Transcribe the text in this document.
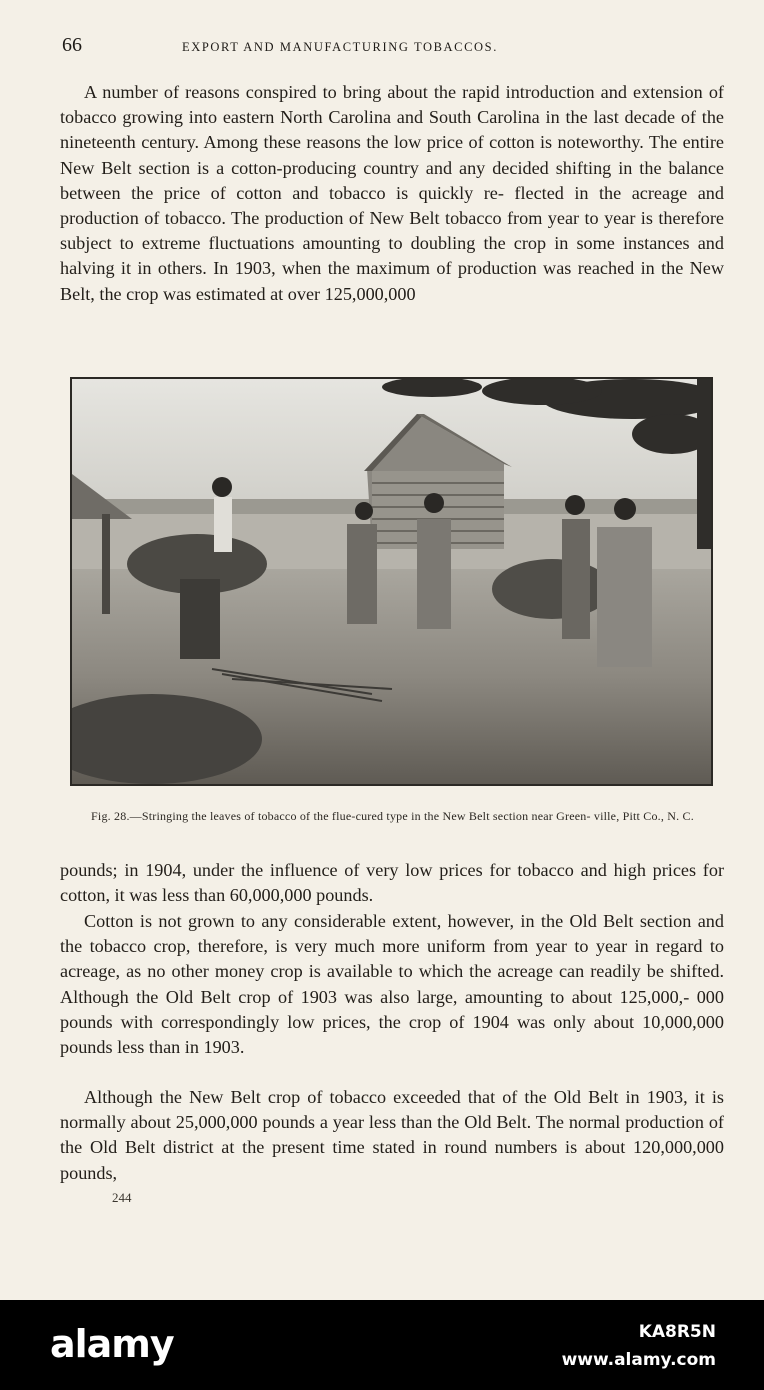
66	EXPORT AND MANUFACTURING TOBACCOS.

A number of reasons conspired to bring about the rapid introduction and extension of tobacco growing into eastern North Carolina and South Carolina in the last decade of the nineteenth century. Among these reasons the low price of cotton is noteworthy. The entire New Belt section is a cotton-producing country and any decided shifting in the balance between the price of cotton and tobacco is quickly re- flected in the acreage and production of tobacco. The production of New Belt tobacco from year to year is therefore subject to extreme fluctuations amounting to doubling the crop in some instances and halving it in others. In 1903, when the maximum of production was reached in the New Belt, the crop was estimated at over 125,000,000

Fig. 28.—Stringing the leaves of tobacco of the flue-cured type in the New Belt section near Green- ville, Pitt Co., N. C.

pounds; in 1904, under the influence of very low prices for tobacco and high prices for cotton, it was less than 60,000,000 pounds.

Cotton is not grown to any considerable extent, however, in the Old Belt section and the tobacco crop, therefore, is very much more uniform from year to year in regard to acreage, as no other money crop is available to which the acreage can readily be shifted. Although the Old Belt crop of 1903 was also large, amounting to about 125,000,- 000 pounds with correspondingly low prices, the crop of 1904 was only about 10,000,000 pounds less than in 1903.

Although the New Belt crop of tobacco exceeded that of the Old Belt in 1903, it is normally about 25,000,000 pounds a year less than the Old Belt. The normal production of the Old Belt district at the present time stated in round numbers is about 120,000,000 pounds,

244
alamy	KA8R5N
www.alamy.com
